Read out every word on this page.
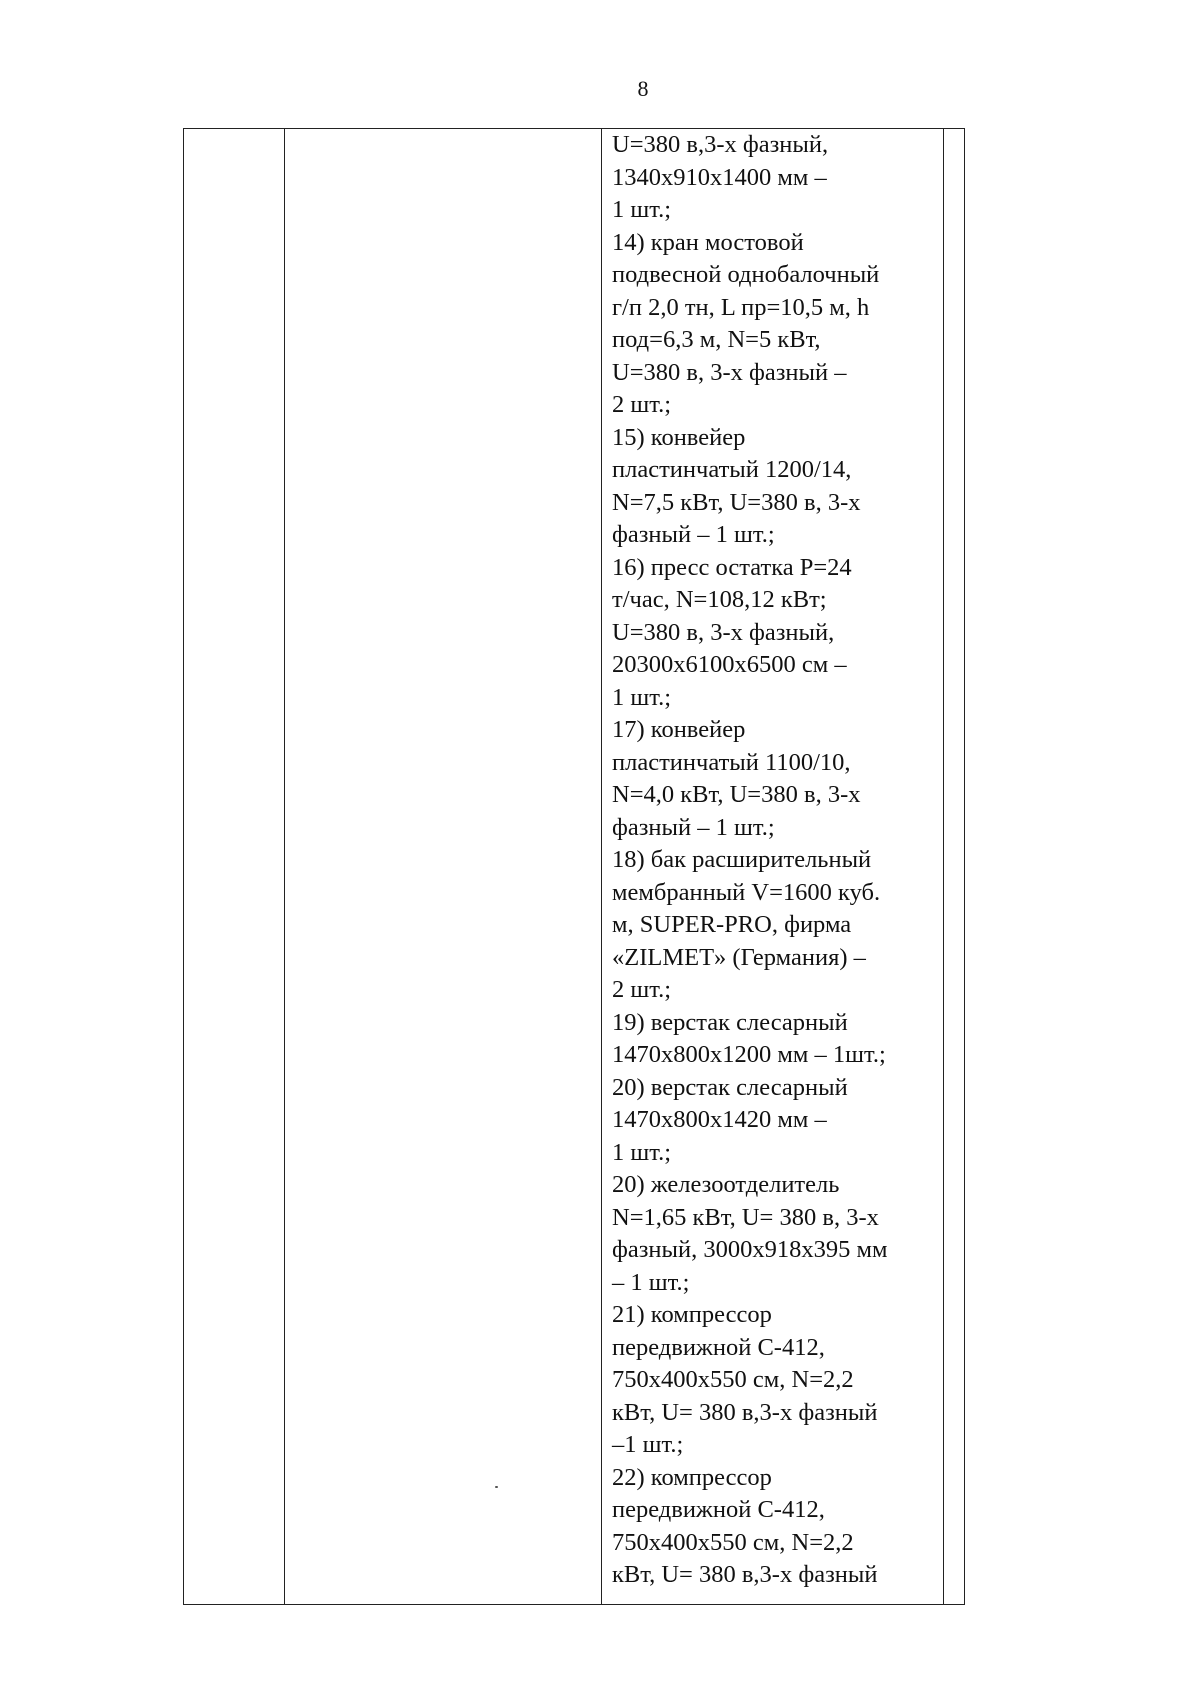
8
U=380 в,3-х фазный,
1340х910х1400 мм –
1 шт.;
14) кран мостовой
подвесной однобалочный
г/п 2,0 тн, L пр=10,5 м, h
под=6,3 м, N=5 кВт,
U=380 в, 3-х фазный –
2 шт.;
15) конвейер
пластинчатый 1200/14,
N=7,5 кВт, U=380 в, 3-х
фазный – 1 шт.;
16) пресс остатка Р=24
т/час, N=108,12 кВт;
U=380 в, 3-х фазный,
20300х6100х6500 см –
1 шт.;
17) конвейер
пластинчатый 1100/10,
N=4,0 кВт, U=380 в, 3-х
фазный – 1 шт.;
18) бак расширительный
мембранный V=1600 куб.
м, SUPER-PRO, фирма
«ZILMET» (Германия) –
2 шт.;
19) верстак слесарный
1470х800х1200 мм – 1шт.;
20) верстак слесарный
1470х800х1420 мм –
1 шт.;
20) железоотделитель
N=1,65 кВт, U= 380 в, 3-х
фазный, 3000х918х395 мм
– 1 шт.;
21) компрессор
передвижной С-412,
750х400х550 см, N=2,2
кВт, U= 380 в,3-х фазный
–1 шт.;
22) компрессор
передвижной С-412,
750х400х550 см, N=2,2
кВт, U= 380 в,3-х фазный
